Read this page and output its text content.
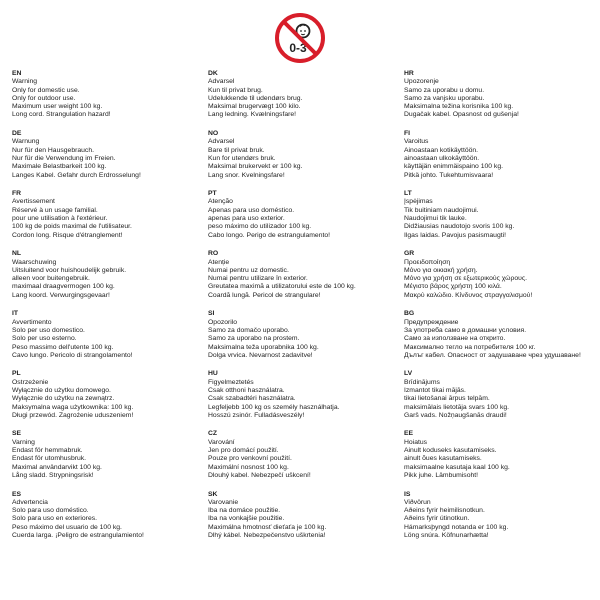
0-3
EN
Warning
Only for domestic use.
Only for outdoor use.
Maximum user weight 100 kg.
Long cord. Strangulation hazard!
DE
Warnung
Nur für den Hausgebrauch.
Nur für die Verwendung im Freien.
Maximale Belastbarkeit 100 kg.
Langes Kabel. Gefahr durch Erdrosselung!
FR
Avertissement
Réservé à un usage familial.
pour une utilisation à l'extérieur.
100 kg de poids maximal de l'utilisateur.
Cordon long. Risque d'étranglement!
NL
Waarschuwing
Uitsluitend voor huishoudelijk gebruik.
alleen voor buitengebruik.
maximaal draagvermogen 100 kg.
Lang koord. Verwurgingsgevaar!
IT
Avvertimento
Solo per uso domestico.
Solo per uso esterno.
Peso massimo dell'utente 100 kg.
Cavo lungo. Pericolo di strangolamento!
PL
Ostrzeżenie
Wyłącznie do użytku domowego.
Wyłącznie do użytku na zewnątrz.
Maksymalna waga użytkownika: 100 kg.
Długi przewód. Zagrożenie uduszeniem!
SE
Varning
Endast för hemmabruk.
Endast för utomhusbruk.
Maximal användarvikt 100 kg.
Lång sladd. Strypningsrisk!
ES
Advertencia
Solo para uso doméstico.
Solo para uso en exteriores.
Peso máximo del usuario de 100 kg.
Cuerda larga. ¡Peligro de estrangulamiento!
DK
Advarsel
Kun til privat brug.
Udelukkende til udendørs brug.
Maksimal brugervægt 100 kilo.
Lang ledning. Kvælningsfare!
NO
Advarsel
Bare til privat bruk.
Kun for utendørs bruk.
Maksimal brukervekt er 100 kg.
Lang snor. Kvelningsfare!
PT
Atenção
Apenas para uso doméstico.
apenas para uso exterior.
peso máximo do utilizador 100 kg.
Cabo longo. Perigo de estrangulamento!
RO
Atenție
Numai pentru uz domestic.
Numai pentru utilizare în exterior.
Greutatea maximă a utilizatorului este de 100 kg.
Coardă lungă. Pericol de strangulare!
SI
Opozorilo
Samo za domačo uporabo.
Samo za uporabo na prostem.
Maksimalna teža uporabnika 100 kg.
Dolga vrvica. Nevarnost zadavitve!
HU
Figyelmeztetés
Csak otthoni használatra.
Csak szabadtéri használatra.
Legfeljebb 100 kg os személy használhatja.
Hosszú zsinór. Fulladásveszély!
CZ
Varování
Jen pro domácí použití.
Pouze pro venkovní použití.
Maximální nosnost 100 kg.
Dlouhý kabel. Nebezpečí uškcení!
SK
Varovanie
Iba na domáce použitie.
Iba na vonkajšie použitie.
Maximálna hmotnosť dieťaťa je 100 kg.
Dlhý kábel. Nebezpečenstvo uškrtenia!
HR
Upozorenje
Samo za uporabu u domu.
Samo za vanjsku uporabu.
Maksimalna težina korisnika 100 kg.
Dugačak kabel. Opasnost od gušenja!
FI
Varoitus
Ainoastaan kotikäyttöön.
ainoastaan ulkokäyttöön.
käyttäjän enimmäispaino 100 kg.
Pitkä johto. Tukehtumisvaara!
LT
Įspėjimas
Tik buitiniam naudojimui.
Naudojimui tik lauke.
Didžiausias naudotojo svoris 100 kg.
Ilgas laidas. Pavojus pasismaugti!
GR
Προειδοποίηση
Μόνο για οικιακή χρήση.
Μόνο για χρήση σε εξωτερικούς χώρους.
Μέγιστο βάρος χρήστη 100 κιλά.
Μακρύ καλώδιο. Κίνδυνος στραγγαλισμού!
BG
Предупреждение
За употреба само в домашни условия.
Само за използване на открито.
Максимално тегло на потребителя 100 кг.
Дълъг кабел. Опасност от задушаване чрез удушаване!
LV
Brīdinājums
Izmantot tikai mājās.
tikai lietošanai ārpus telpām.
maksimālais lietotāja svars 100 kg.
Garš vads. Nožņaugšanās draudi!
EE
Hoiatus
Ainult koduseks kasutamiseks.
ainult õues kasutamiseks.
maksimaalne kasutaja kaal 100 kg.
Pikk juhe. Lämbumisoht!
IS
Viðvörun
Aðeins fyrir heimilisnotkun.
Aðeins fyrir útinotkun.
Hámarksþyngd notanda er 100 kg.
Löng snúra. Köfnunarhætta!
